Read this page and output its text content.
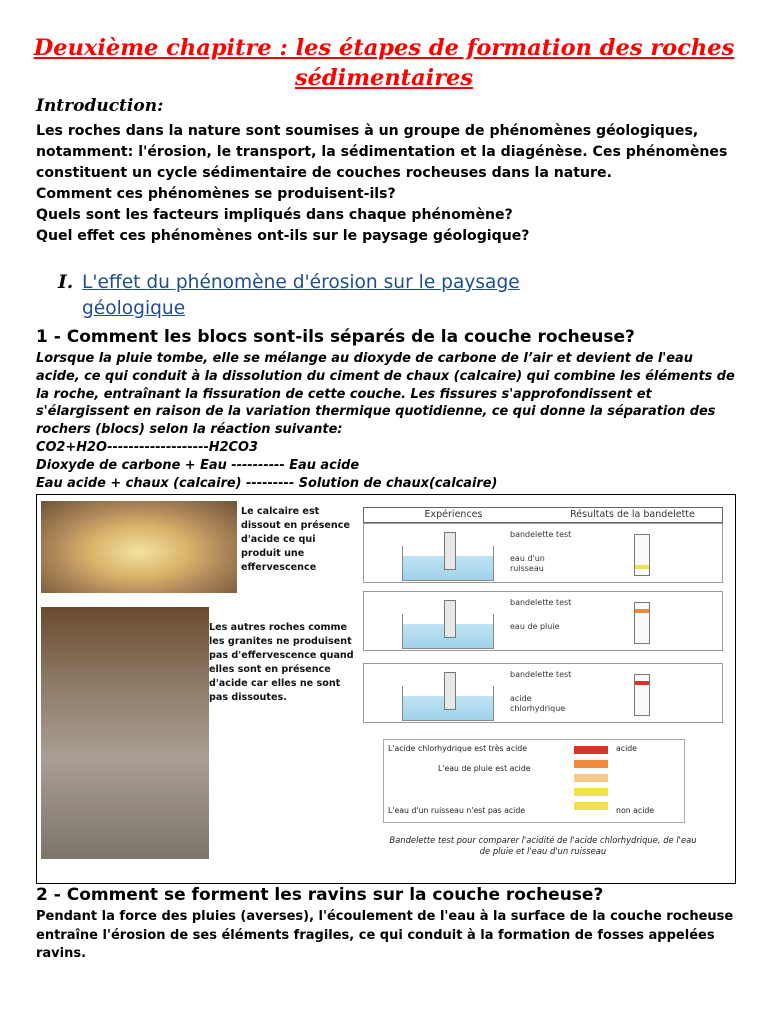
Deuxième chapitre : les étapes de formation des roches sédimentaires
Introduction:

Les roches dans la nature sont soumises à un groupe de phénomènes géologiques, notamment: l'érosion, le transport, la sédimentation et la diagénèse. Ces phénomènes constituent un cycle sédimentaire de couches rocheuses dans la nature.

Comment ces phénomènes se produisent-ils?

Quels sont les facteurs impliqués dans chaque phénomène?

Quel effet ces phénomènes ont-ils sur le paysage géologique?

I. L'effet du phénomène d'érosion sur le paysage
géologique
1 - Comment les blocs sont-ils séparés de la couche rocheuse?

Lorsque la pluie tombe, elle se mélange au dioxyde de carbone de l’air et devient de l'eau acide, ce qui conduit à la dissolution du ciment de chaux (calcaire) qui combine les éléments de la roche, entraînant la fissuration de cette couche. Les fissures s'approfondissent et s'élargissent en raison de la variation thermique quotidienne, ce qui donne la séparation des rochers (blocs) selon la réaction suivante:

CO2+H2O-------------------H2CO3

Dioxyde de carbone + Eau ---------- Eau acide

Eau acide + chaux (calcaire) --------- Solution de chaux(calcaire)

Le calcaire est dissout en présence d'acide ce qui produit une effervescence
Les autres roches comme les granites ne produisent pas d'effervescence quand elles sont en présence d'acide car elles ne sont pas dissoutes.
Expériences	Résultats de la bandelette
bandelette test
eau d'un ruisseau
bandelette test
eau de pluie
bandelette test
acide chlorhydrique
L'acide chlorhydrique est très acide
L'eau de pluie est acide
L'eau d'un ruisseau n'est pas acide
acide
non acide
Bandelette test pour comparer l'acidité de l'acide chlorhydrique, de l'eau de pluie et l'eau d'un ruisseau
2 - Comment se forment les ravins sur la couche rocheuse?
Pendant la force des pluies (averses), l'écoulement de l'eau à la surface de la couche rocheuse entraîne l'érosion de ses éléments fragiles, ce qui conduit à la formation de fosses appelées ravins.
